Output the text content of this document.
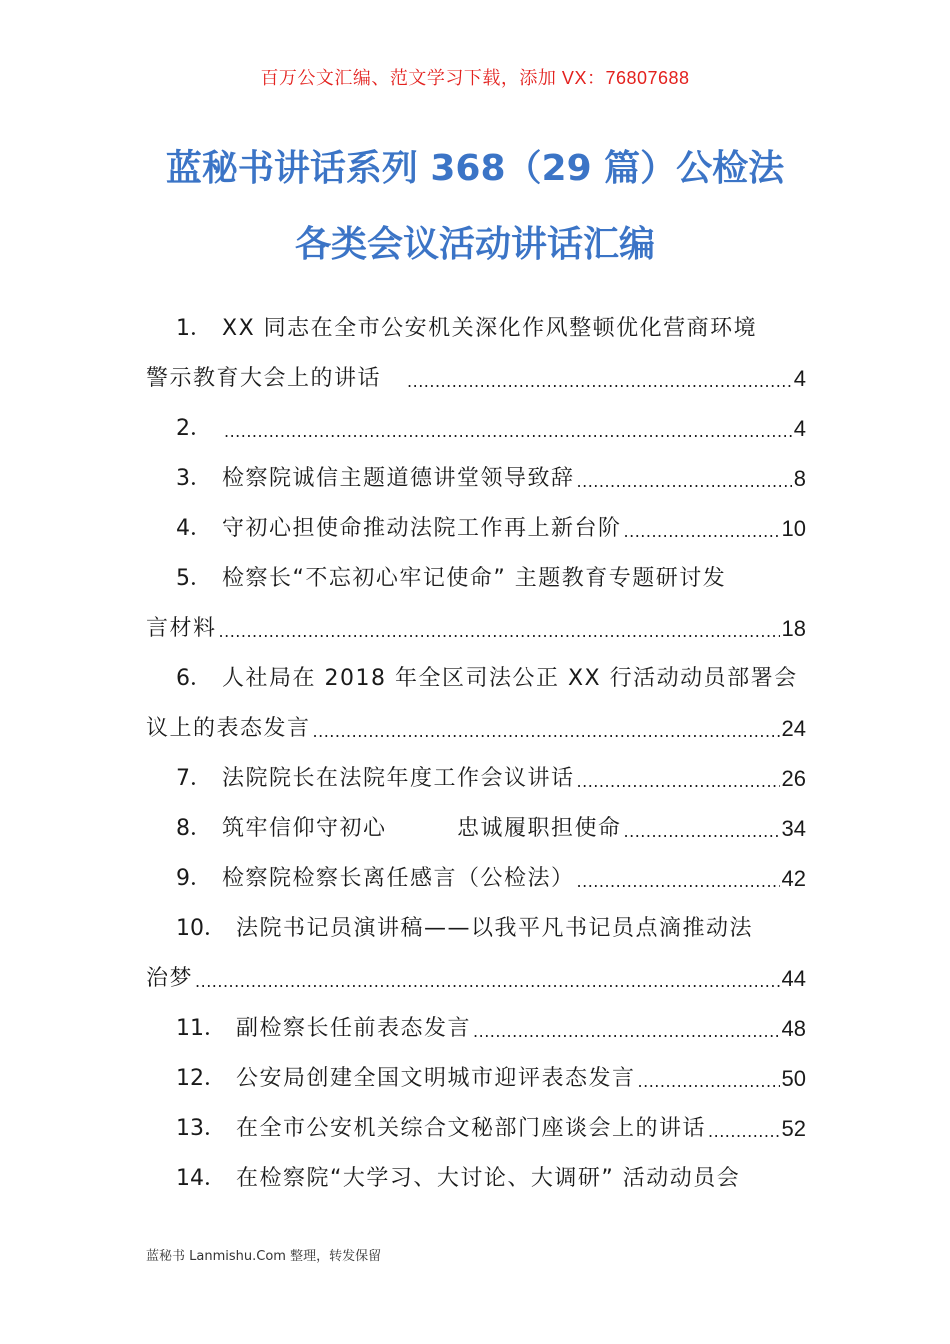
百万公文汇编、范文学习下载，添加 VX：76807688
蓝秘书讲话系列 368（29 篇）公检法
各类会议活动讲话汇编
1． XX 同志在全市公安机关深化作风整顿优化营商环境
警示教育大会上的讲话 .....	4
2． .....	4
3． 检察院诚信主题道德讲堂领导致辞 .....	8
4． 守初心担使命推动法院工作再上新台阶 .....	10
5． 检察长“不忘初心牢记使命” 主题教育专题研讨发
言材料 .....	18
6． 人社局在 2018 年全区司法公正 XX 行活动动员部署会
议上的表态发言 .....	24
7． 法院院长在法院年度工作会议讲话 .....	26
8． 筑牢信仰守初心　　　忠诚履职担使命 .....	34
9． 检察院检察长离任感言（公检法） .....	42
10． 法院书记员演讲稿——以我平凡书记员点滴推动法
治梦 .....	44
11． 副检察长任前表态发言 .....	48
12． 公安局创建全国文明城市迎评表态发言 .....	50
13． 在全市公安机关综合文秘部门座谈会上的讲话 .....	52
14． 在检察院“大学习、大讨论、大调研” 活动动员会
蓝秘书 Lanmishu.Com 整理，转发保留
